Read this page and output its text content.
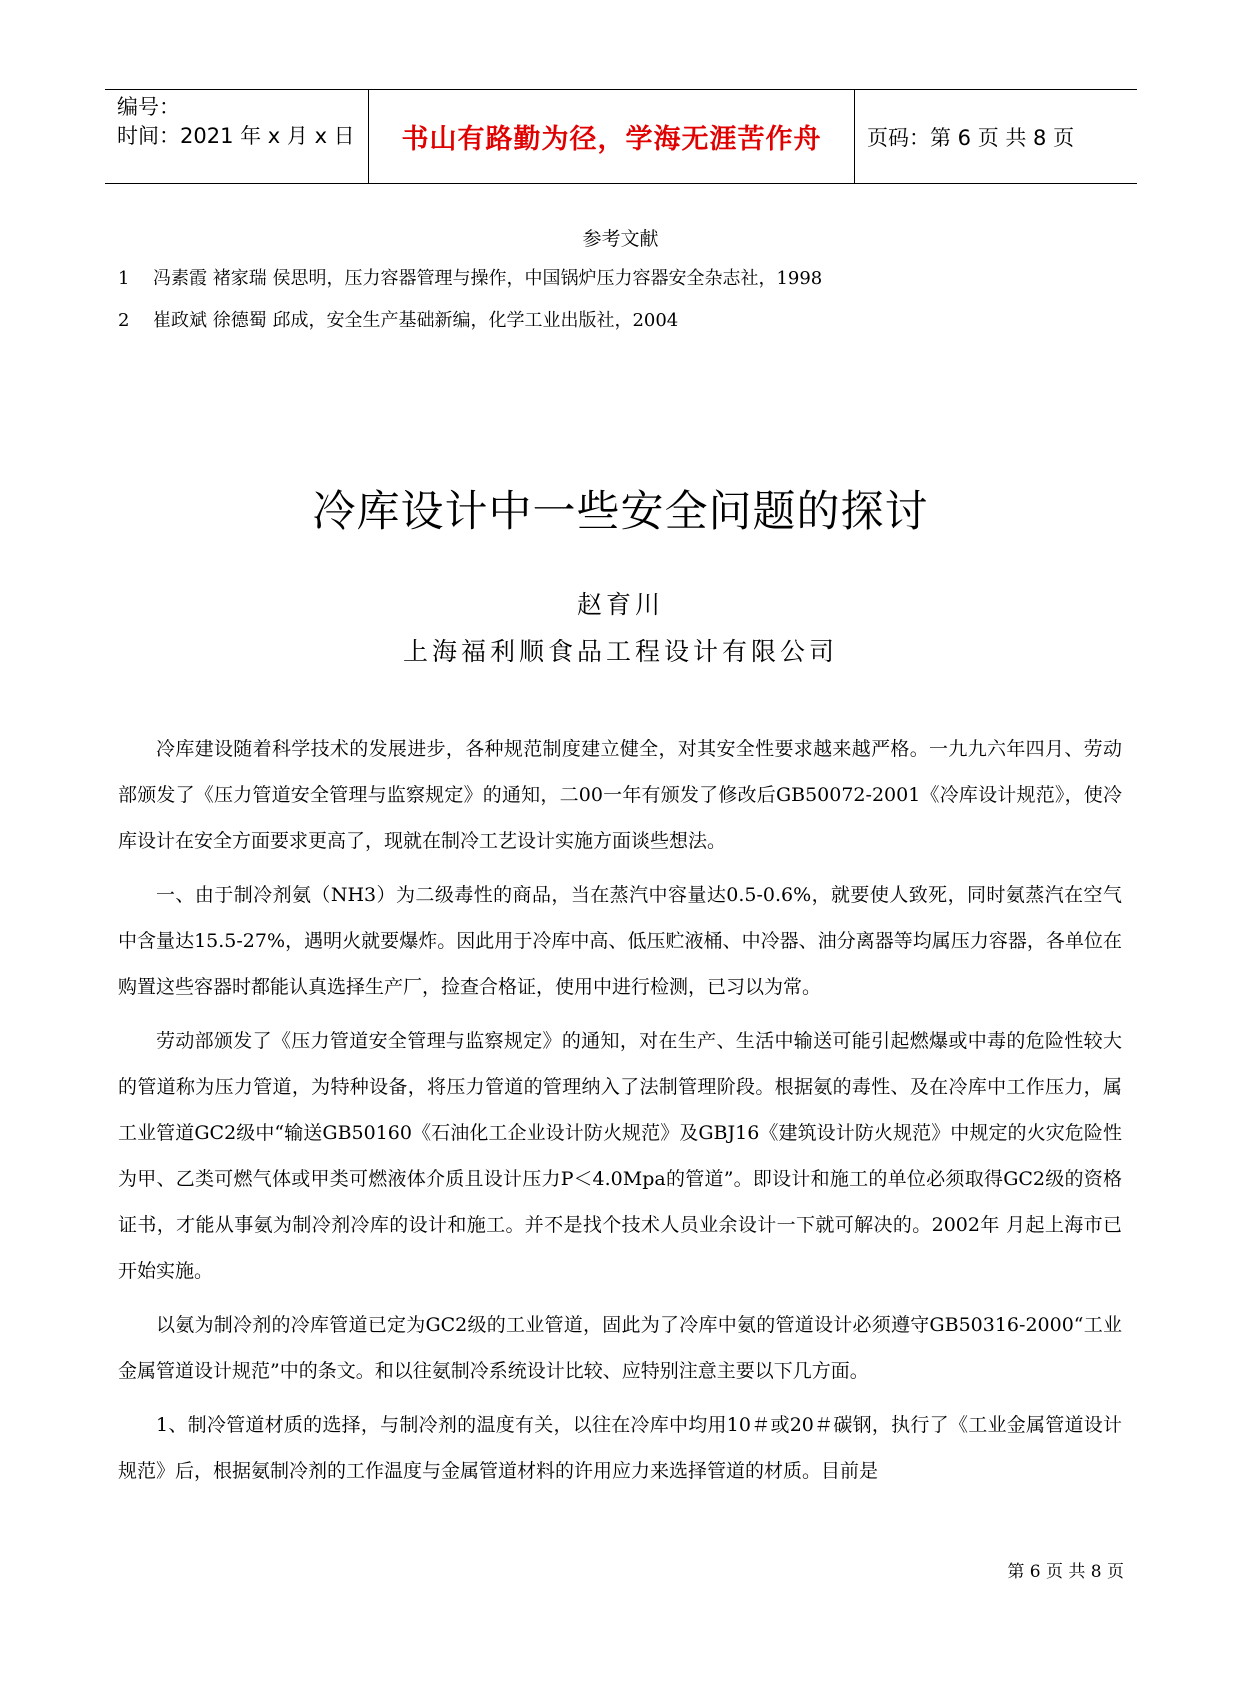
编号：
时间：2021 年 x 月 x 日	书山有路勤为径，学海无涯苦作舟 页码：第 6 页 共 8 页
参考文献
1 冯素霞 褚家瑞 侯思明，压力容器管理与操作，中国锅炉压力容器安全杂志社，1998
2 崔政斌 徐德蜀 邱成，安全生产基础新编，化学工业出版社，2004
冷库设计中一些安全问题的探讨
赵育川
上海福利顺食品工程设计有限公司

冷库建设随着科学技术的发展进步，各种规范制度建立健全，对其安全性要求越来越严格。一九九六年四月、劳动部颁发了《压力管道安全管理与监察规定》的通知，二00一年有颁发了修改后GB50072-2001《冷库设计规范》，使冷库设计在安全方面要求更高了，现就在制冷工艺设计实施方面谈些想法。

一、由于制冷剂氨（NH3）为二级毒性的商品，当在蒸汽中容量达0.5-0.6%，就要使人致死，同时氨蒸汽在空气中含量达15.5-27%，遇明火就要爆炸。因此用于冷库中高、低压贮液桶、中冷器、油分离器等均属压力容器，各单位在购置这些容器时都能认真选择生产厂，捡查合格证，使用中进行检测，已习以为常。

劳动部颁发了《压力管道安全管理与监察规定》的通知，对在生产、生活中输送可能引起燃爆或中毒的危险性较大的管道称为压力管道，为特种设备，将压力管道的管理纳入了法制管理阶段。根据氨的毒性、及在冷库中工作压力，属工业管道GC2级中“输送GB50160《石油化工企业设计防火规范》及GBJ16《建筑设计防火规范》中规定的火灾危险性为甲、乙类可燃气体或甲类可燃液体介质且设计压力P＜4.0Mpa的管道”。即设计和施工的单位必须取得GC2级的资格证书，才能从事氨为制冷剂冷库的设计和施工。并不是找个技术人员业余设计一下就可解决的。2002年 月起上海市已开始实施。

以氨为制冷剂的冷库管道已定为GC2级的工业管道，固此为了冷库中氨的管道设计必须遵守GB50316-2000“工业金属管道设计规范”中的条文。和以往氨制冷系统设计比较、应特别注意主要以下几方面。

1、制冷管道材质的选择，与制冷剂的温度有关，以往在冷库中均用10＃或20＃碳钢，执行了《工业金属管道设计规范》后，根据氨制冷剂的工作温度与金属管道材料的许用应力来选择管道的材质。目前是

第 6 页 共 8 页
